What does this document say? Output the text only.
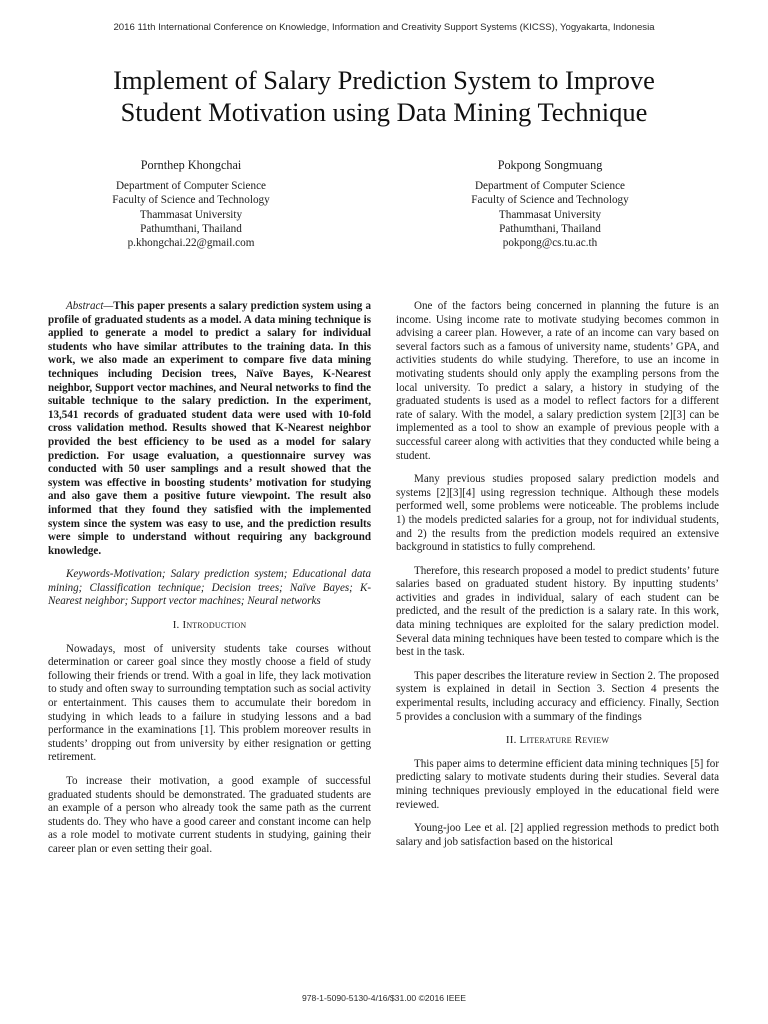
2016 11th International Conference on Knowledge, Information and Creativity Support Systems (KICSS), Yogyakarta, Indonesia
Implement of Salary Prediction System to Improve
Student Motivation using Data Mining Technique
Pornthep Khongchai
Department of Computer Science
Faculty of Science and Technology
Thammasat University
Pathumthani, Thailand
p.khongchai.22@gmail.com
Pokpong Songmuang
Department of Computer Science
Faculty of Science and Technology
Thammasat University
Pathumthani, Thailand
pokpong@cs.tu.ac.th

Abstract—This paper presents a salary prediction system using a profile of graduated students as a model. A data mining technique is applied to generate a model to predict a salary for individual students who have similar attributes to the training data. In this work, we also made an experiment to compare five data mining techniques including Decision trees, Naïve Bayes, K-Nearest neighbor, Support vector machines, and Neural networks to find the suitable technique to the salary prediction. In the experiment, 13,541 records of graduated student data were used with 10-fold cross validation method. Results showed that K-Nearest neighbor provided the best efficiency to be used as a model for salary prediction. For usage evaluation, a questionnaire survey was conducted with 50 user samplings and a result showed that the system was effective in boosting students’ motivation for studying and also gave them a positive future viewpoint. The result also informed that they found they satisfied with the implemented system since the system was easy to use, and the prediction results were simple to understand without requiring any background knowledge.

Keywords-Motivation; Salary prediction system; Educational data mining; Classification technique; Decision trees; Naïve Bayes; K-Nearest neighbor; Support vector machines; Neural networks

I. Introduction

Nowadays, most of university students take courses without determination or career goal since they mostly choose a field of study following their friends or trend. With a goal in life, they lack motivation to study and often sway to surrounding temptation such as social activity or entertainment. This causes them to accumulate their boredom in studying in which leads to a failure in studying lessons and a bad performance in the examinations [1]. This problem moreover results in students’ dropping out from university by either resignation or getting retirement.

To increase their motivation, a good example of successful graduated students should be demonstrated. The graduated students are an example of a person who already took the same path as the current students do. They who have a good career and constant income can help as a role model to motivate current students in studying, gaining their career plan or even setting their goal.

One of the factors being concerned in planning the future is an income. Using income rate to motivate studying becomes common in advising a career plan. However, a rate of an income can vary based on several factors such as a famous of university name, students’ GPA, and activities students do while studying. Therefore, to use an income in motivating students should only apply the exampling persons from the local university. To predict a salary, a history in studying of the graduated students is used as a model to reflect factors for a different rate of salary. With the model, a salary prediction system [2][3] can be implemented as a tool to show an example of previous people with a successful career along with activities that they conducted while being a student.

Many previous studies proposed salary prediction models and systems [2][3][4] using regression technique. Although these models performed well, some problems were noticeable. The problems include 1) the models predicted salaries for a group, not for individual students, and 2) the results from the prediction models required an extensive background in statistics to fully comprehend.

Therefore, this research proposed a model to predict students’ future salaries based on graduated student history. By inputting students’ activities and grades in individual, salary of each student can be predicted, and the result of the prediction is a salary rate. In this work, data mining techniques are exploited for the salary prediction model. Several data mining techniques have been tested to compare which is the best in the task.

This paper describes the literature review in Section 2. The proposed system is explained in detail in Section 3. Section 4 presents the experimental results, including accuracy and efficiency. Finally, Section 5 provides a conclusion with a summary of the findings

II. Literature Review

This paper aims to determine efficient data mining techniques [5] for predicting salary to motivate students during their studies. Several data mining techniques previously employed in the educational field were reviewed.

Young-joo Lee et al. [2] applied regression methods to predict both salary and job satisfaction based on the historical

978-1-5090-5130-4/16/$31.00 ©2016 IEEE
